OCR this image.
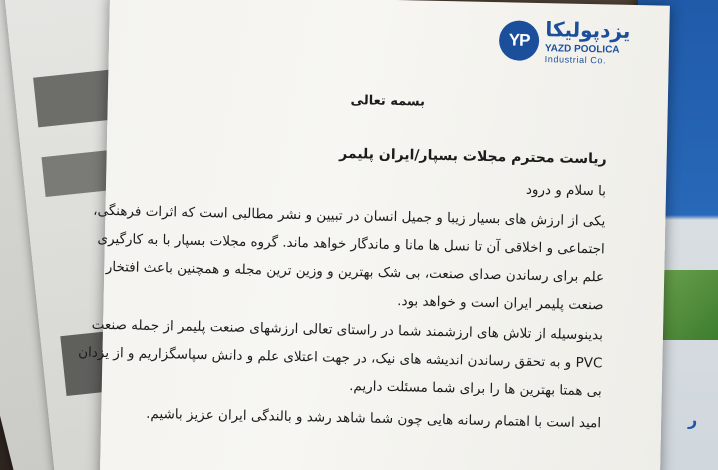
ر
YP یزدپولیکا
YAZD POOLICA
Industrial Co.
بسمه تعالی
ریاست محترم مجلات بسپار/ایران پلیمر
با سلام و درود
یکی از ارزش های بسیار زیبا و جمیل انسان در تبیین و نشر مطالبی است که اثرات فرهنگی،
اجتماعی و اخلاقی آن تا نسل ها مانا و ماندگار خواهد ماند. گروه مجلات بسپار با به کارگیری
علم برای رساندن صدای صنعت، بی شک بهترین و وزین ترین مجله و همچنین باعث افتخار
صنعت پلیمر ایران است و خواهد بود.
بدینوسیله از تلاش های ارزشمند شما در راستای تعالی ارزشهای صنعت پلیمر از جمله صنعت
PVC و به تحقق رساندن اندیشه های نیک، در جهت اعتلای علم و دانش سپاسگزاریم و از یزدان
بی همتا بهترین ها را برای شما مسئلت داریم.
امید است با اهتمام رسانه هایی چون شما شاهد رشد و بالندگی ایران عزیز باشیم.
